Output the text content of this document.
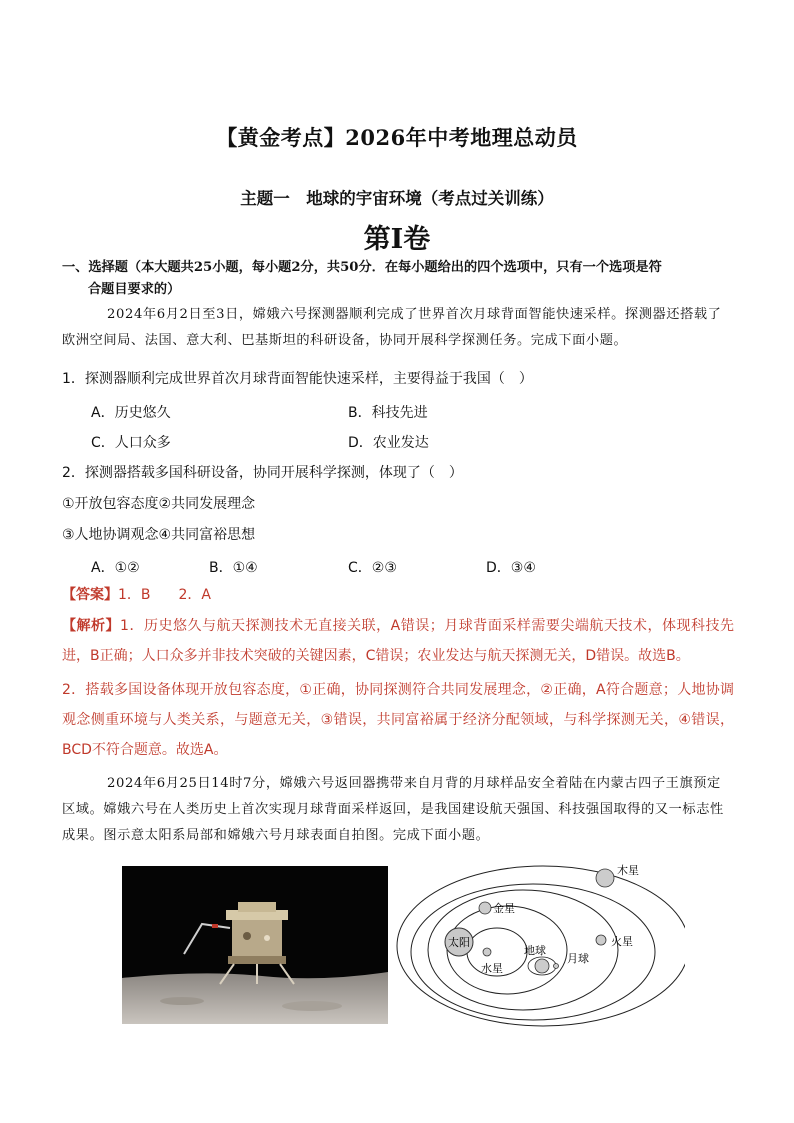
【黄金考点】2026年中考地理总动员
主题一　地球的宇宙环境（考点过关训练）
第Ⅰ卷
一、选择题（本大题共25小题，每小题2分，共50分．在每小题给出的四个选项中，只有一个选项是符
合题目要求的）
2024年6月2日至3日，嫦娥六号探测器顺利完成了世界首次月球背面智能快速采样。探测器还搭载了欧洲空间局、法国、意大利、巴基斯坦的科研设备，协同开展科学探测任务。完成下面小题。
1．探测器顺利完成世界首次月球背面智能快速采样，主要得益于我国（　）
A．历史悠久	B．科技先进
C．人口众多	D．农业发达
2．探测器搭载多国科研设备，协同开展科学探测，体现了（　）
①开放包容态度②共同发展理念
③人地协调观念④共同富裕思想
A．①②	B．①④	C．②③	D．③④
【答案】1．B　　2．A
【解析】1．历史悠久与航天探测技术无直接关联，A错误；月球背面采样需要尖端航天技术，体现科技先进，B正确；人口众多并非技术突破的关键因素，C错误；农业发达与航天探测无关，D错误。故选B。
2．搭载多国设备体现开放包容态度，①正确，协同探测符合共同发展理念，②正确，A符合题意；人地协调观念侧重环境与人类关系，与题意无关，③错误，共同富裕属于经济分配领域，与科学探测无关，④错误，BCD不符合题意。故选A。
2024年6月25日14时7分，嫦娥六号返回器携带来自月背的月球样品安全着陆在内蒙古四子王旗预定区域。嫦娥六号在人类历史上首次实现月球背面采样返回，是我国建设航天强国、科技强国取得的又一标志性成果。图示意太阳系局部和嫦娥六号月球表面自拍图。完成下面小题。
太阳
水星
金星
地球
月球
火星
木星
